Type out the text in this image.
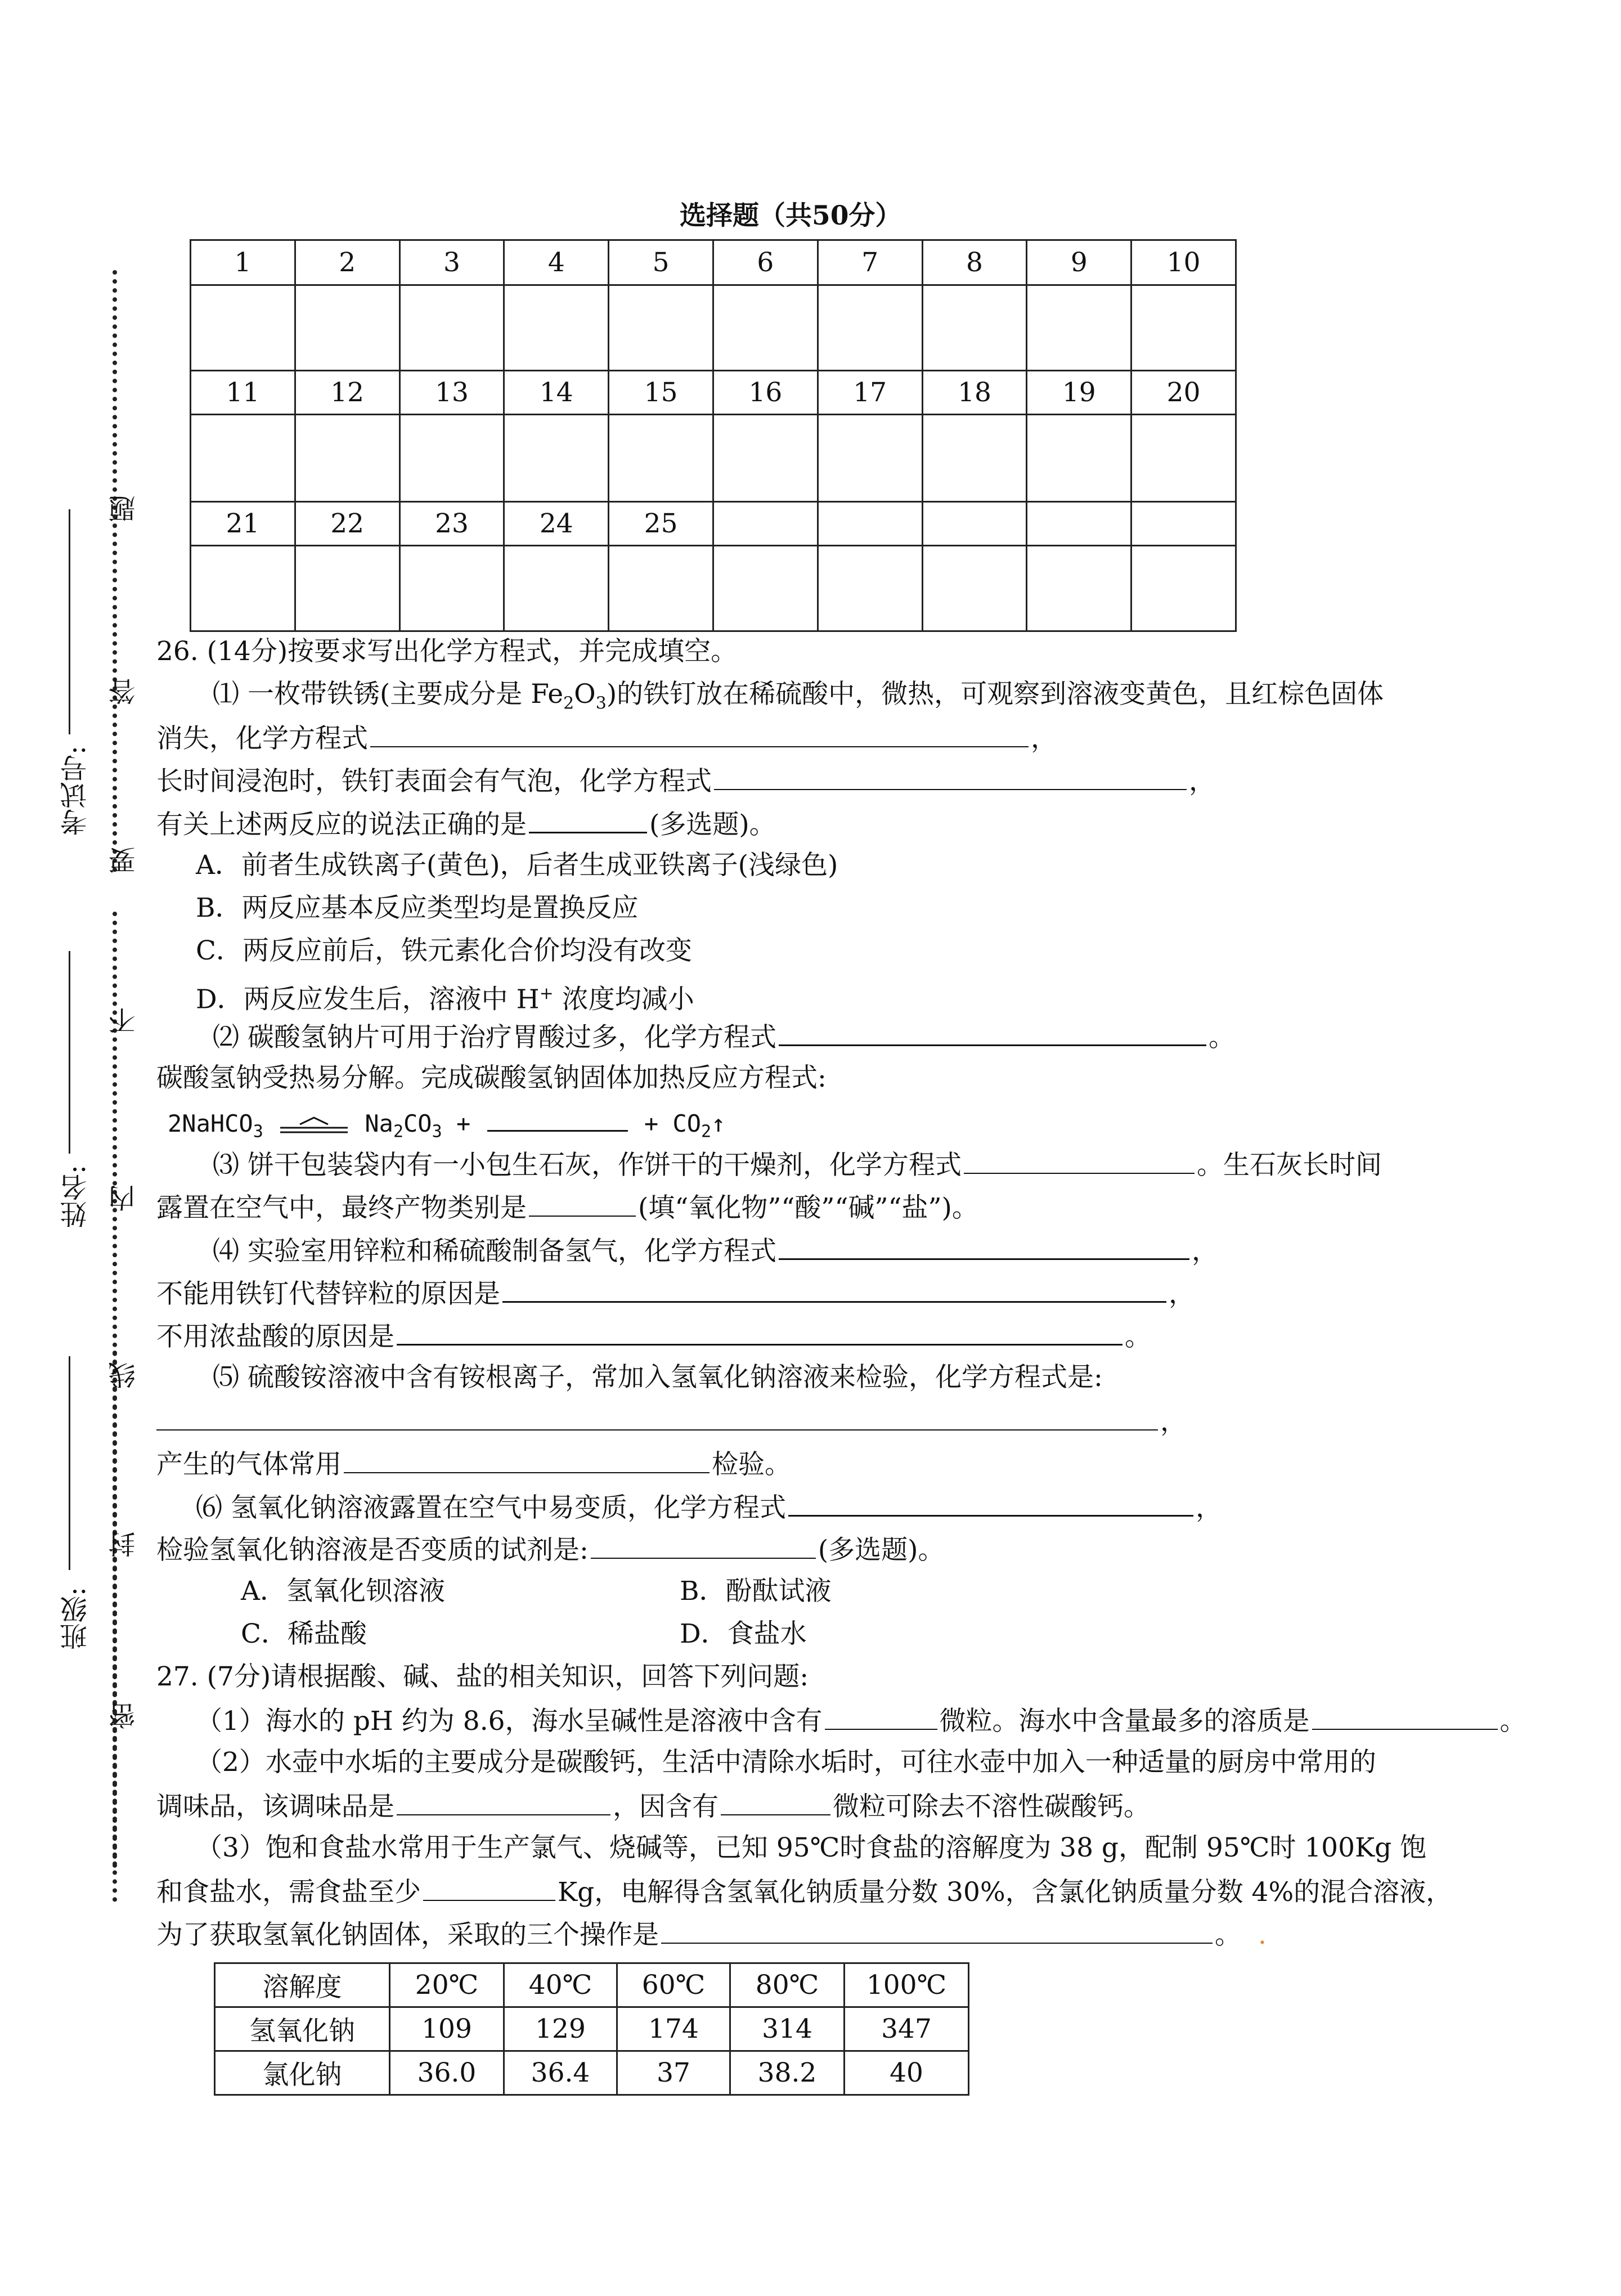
题
答
要
不
内
线
封
密
考试号:
姓名:
班级:
选择题（共50分）
1	2	3	4	5	6	7	8	9	10

11	12	13	14	15	16	17	18	19	20

21	22	23	24	25					

26. (14分)按要求写出化学方程式，并完成填空。
⑴ 一枚带铁锈(主要成分是 $Fe_2O_3$)的铁钉放在稀硫酸中，微热，可观察到溶液变黄色，且红棕色固体
消失，化学方程式	，
长时间浸泡时，铁钉表面会有气泡，化学方程式	，
有关上述两反应的说法正确的是	(多选题)。
A．前者生成铁离子(黄色)，后者生成亚铁离子(浅绿色)
B．两反应基本反应类型均是置换反应
C．两反应前后，铁元素化合价均没有改变
D．两反应发生后，溶液中 H+ 浓度均减小
⑵ 碳酸氢钠片可用于治疗胃酸过多，化学方程式	。
碳酸氢钠受热易分解。完成碳酸氢钠固体加热反应方程式:
2NaHCO$_3$	$Na_2CO_3$ +	+ $CO_2↑$
⑶ 饼干包装袋内有一小包生石灰，作饼干的干燥剂，化学方程式	。生石灰长时间
露置在空气中，最终产物类别是	(填“氧化物”“酸”“碱”“盐”)。
⑷ 实验室用锌粒和稀硫酸制备氢气，化学方程式	，
不能用铁钉代替锌粒的原因是	，
不用浓盐酸的原因是	。
⑸ 硫酸铵溶液中含有铵根离子，常加入氢氧化钠溶液来检验，化学方程式是:
，
产生的气体常用	检验。
⑹ 氢氧化钠溶液露置在空气中易变质，化学方程式	，
检验氢氧化钠溶液是否变质的试剂是:	(多选题)。
A．氢氧化钡溶液	B．酚酞试液
C．稀盐酸	D．食盐水
27. (7分)请根据酸、碱、盐的相关知识，回答下列问题:
（1）海水的 pH 约为 8.6，海水呈碱性是溶液中含有	微粒。海水中含量最多的溶质是	。
（2）水壶中水垢的主要成分是碳酸钙，生活中清除水垢时，可往水壶中加入一种适量的厨房中常用的
调味品，该调味品是	，因含有	微粒可除去不溶性碳酸钙。
（3）饱和食盐水常用于生产氯气、烧碱等，已知 95℃时食盐的溶解度为 38 g，配制 95℃时 100Kg 饱
和食盐水，需食盐至少	Kg，电解得含氢氧化钠质量分数 30%，含氯化钠质量分数 4%的混合溶液，
为了获取氢氧化钠固体，采取的三个操作是	。 .
溶解度	20℃	40℃	60℃	80℃	100℃
氢氧化钠	109	129	174	314	347
氯化钠	36.0	36.4	37	38.2	40
